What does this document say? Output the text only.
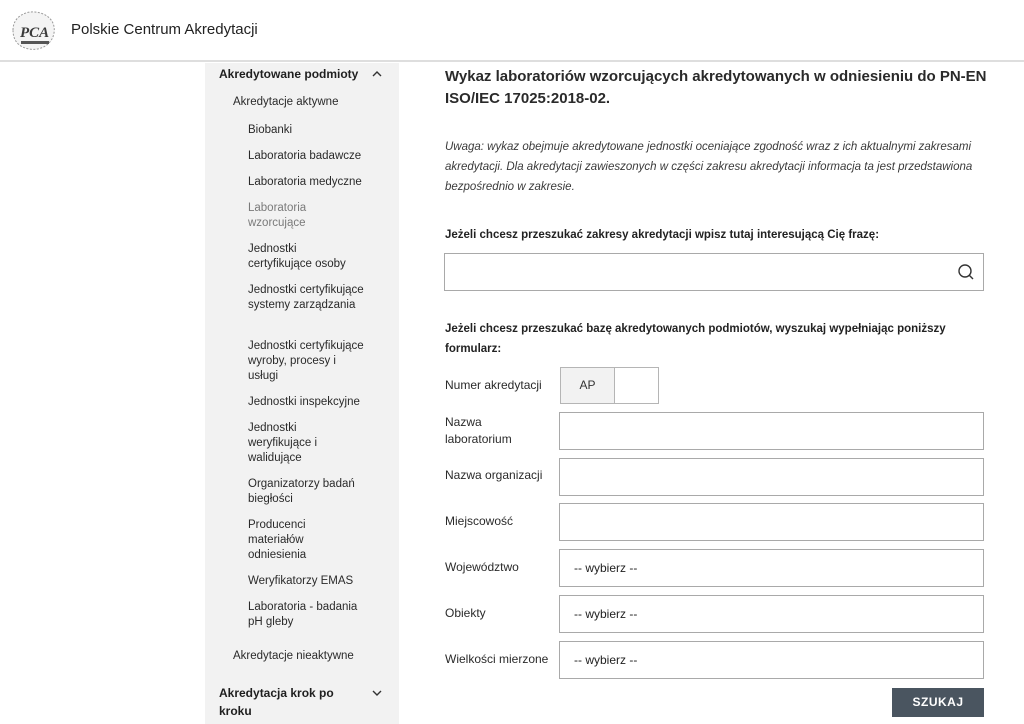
PCA Polskie Centrum Akredytacji
Akredytowane podmioty
Akredytacje aktywne
Biobanki
Laboratoria badawcze
Laboratoria medyczne
Laboratoria wzorcujące
Jednostki certyfikujące osoby
Jednostki certyfikujące systemy zarządzania
Jednostki certyfikujące wyroby, procesy i usługi
Jednostki inspekcyjne
Jednostki weryfikujące i walidujące
Organizatorzy badań biegłości
Producenci materiałów odniesienia
Weryfikatorzy EMAS
Laboratoria - badania pH gleby
Akredytacje nieaktywne
Akredytacja krok po kroku
Wykaz laboratoriów wzorcujących akredytowanych w odniesieniu do PN-EN ISO/IEC 17025:2018-02.
Uwaga: wykaz obejmuje akredytowane jednostki oceniające zgodność wraz z ich aktualnymi zakresami akredytacji. Dla akredytacji zawieszonych w części zakresu akredytacji informacja ta jest przedstawiona bezpośrednio w zakresie.
Jeżeli chcesz przeszukać zakresy akredytacji wpisz tutaj interesującą Cię frazę:
Jeżeli chcesz przeszukać bazę akredytowanych podmiotów, wyszukaj wypełniając poniższy formularz:
Numer akredytacji	AP
Nazwa laboratorium
Nazwa organizacji
Miejscowość
Województwo	-- wybierz --
Obiekty	-- wybierz --
Wielkości mierzone -- wybierz --
SZUKAJ
